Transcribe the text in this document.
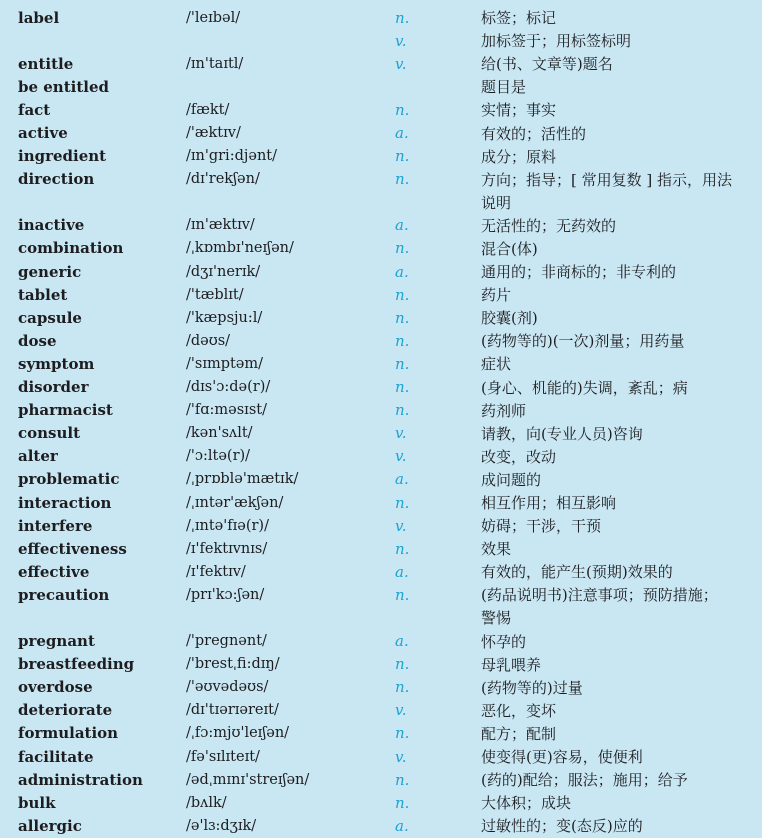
label	/'leɪbəl/	n.	标签；标记
v.	加标签于；用标签标明
entitle	/ɪn'taɪtl/	v.	给(书、文章等)题名
be entitled	题目是
fact	/fækt/	n.	实情；事实
active	/'æktɪv/	a.	有效的；活性的
ingredient	/ɪn'gri:djənt/	n.	成分；原料
direction	/dɪ'rekʃən/	n.	方向；指导；[ 常用复数 ] 指示，用法
说明
inactive	/ɪn'æktɪv/	a.	无活性的；无药效的
combination	/ˌkɒmbɪ'neɪʃən/	n.	混合(体)
generic	/dʒɪ'nerɪk/	a.	通用的；非商标的；非专利的
tablet	/'tæblɪt/	n.	药片
capsule	/'kæpsju:l/	n.	胶囊(剂)
dose	/dəʊs/	n.	(药物等的)(一次)剂量；用药量
symptom	/'sɪmptəm/	n.	症状
disorder	/dɪs'ɔ:də(r)/	n.	(身心、机能的)失调，紊乱；病
pharmacist	/'fɑ:məsɪst/	n.	药剂师
consult	/kən'sʌlt/	v.	请教，向(专业人员)咨询
alter	/'ɔ:ltə(r)/	v.	改变，改动
problematic	/ˌprɒblə'mætɪk/	a.	成问题的
interaction	/ˌɪntər'ækʃən/	n.	相互作用；相互影响
interfere	/ˌɪntə'fɪə(r)/	v.	妨碍；干涉，干预
effectiveness	/ɪ'fektɪvnɪs/	n.	效果
effective	/ɪ'fektɪv/	a.	有效的，能产生(预期)效果的
precaution	/prɪ'kɔ:ʃən/	n.	(药品说明书)注意事项；预防措施；
警惕
pregnant	/'pregnənt/	a.	怀孕的
breastfeeding	/'brestˌfi:dɪŋ/	n.	母乳喂养
overdose	/'əʊvədəʊs/	n.	(药物等的)过量
deteriorate	/dɪ'tɪərɪəreɪt/	v.	恶化，变坏
formulation	/ˌfɔ:mjʊ'leɪʃən/	n.	配方；配制
facilitate	/fə'sɪlɪteɪt/	v.	使变得(更)容易，使便利
administration	/ədˌmɪnɪ'streɪʃən/	n.	(药的)配给；服法；施用；给予
bulk	/bʌlk/	n.	大体积；成块
allergic	/ə'lɜ:dʒɪk/	a.	过敏性的；变(态反)应的
